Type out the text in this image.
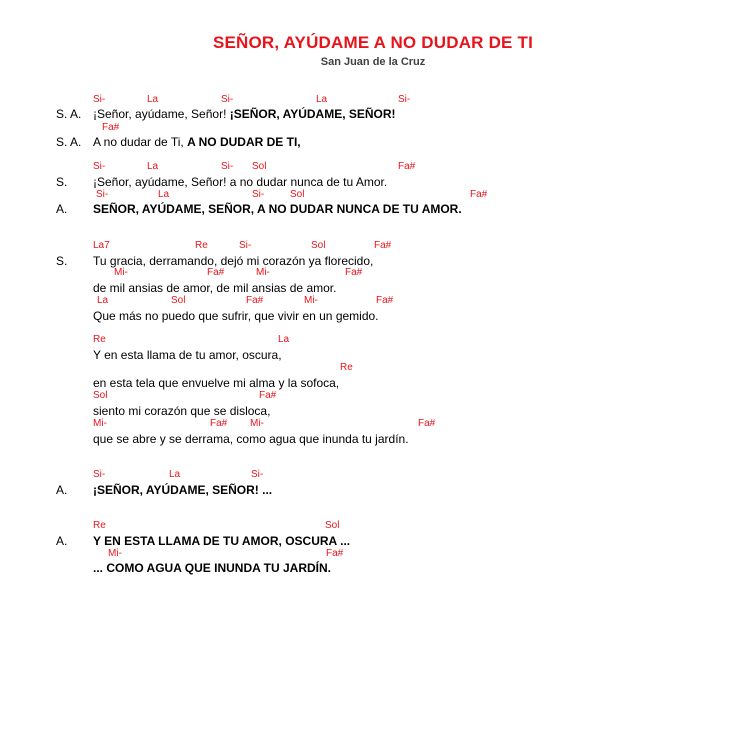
SEÑOR, AYÚDAME A NO DUDAR DE TI
San Juan de la Cruz
Si-	La	Si-	La	Si-
S. A. ¡Señor, ayúdame, Señor! ¡SEÑOR, AYÚDAME, SEÑOR!
Fa#
S. A. A no dudar de Ti, A NO DUDAR DE TI,
Si-	La	Si- Sol	Fa#
S. ¡Señor, ayúdame, Señor! a no dudar nunca de tu Amor.
Si-	La	Si-	Sol	Fa#
A. SEÑOR, AYÚDAME, SEÑOR, A NO DUDAR NUNCA DE TU AMOR.
La7	Re	Si-	Sol	Fa#
S. Tu gracia, derramando, dejó mi corazón ya florecido,
Mi-	Fa#	Mi-	Fa#
de mil ansias de amor, de mil ansias de amor.
La	Sol	Fa#	Mi-	Fa#
Que más no puedo que sufrir, que vivir en un gemido.
Re	La
Y en esta llama de tu amor, oscura,
Re
en esta tela que envuelve mi alma y la sofoca,
Sol	Fa#
siento mi corazón que se disloca,
Mi-	Fa# Mi-	Fa#
que se abre y se derrama, como agua que inunda tu jardín.
Si-	La	Si-
A. ¡SEÑOR, AYÚDAME, SEÑOR! ...
Re	Sol
A. Y EN ESTA LLAMA DE TU AMOR, OSCURA ...
Mi-	Fa#
... COMO AGUA QUE INUNDA TU JARDÍN.
